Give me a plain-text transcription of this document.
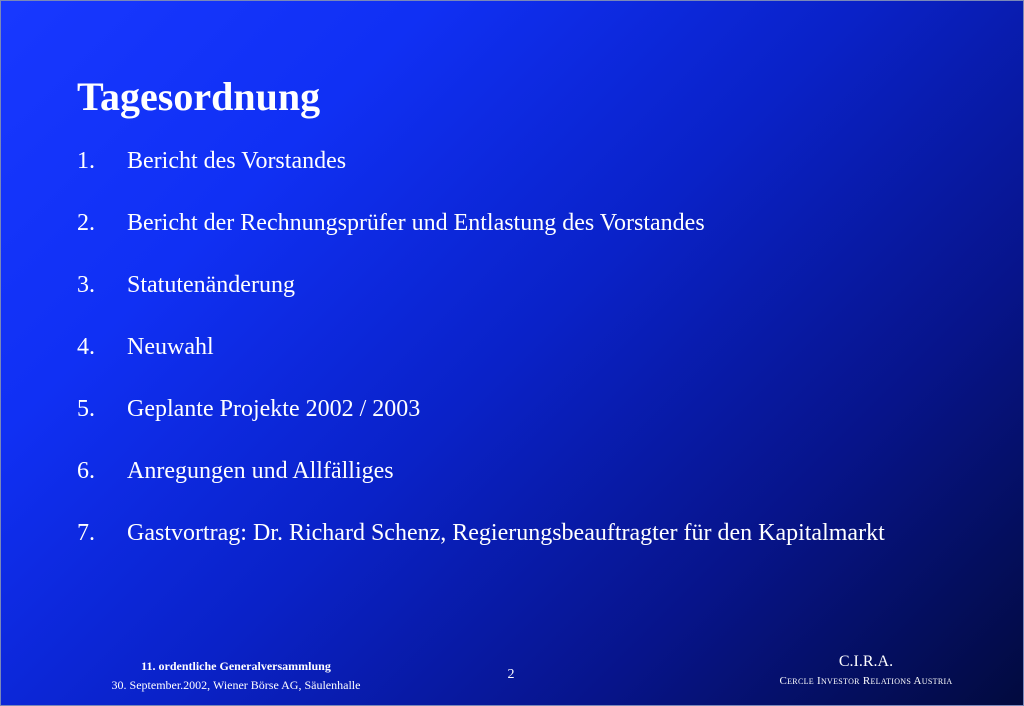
Tagesordnung
1.	Bericht des Vorstandes
2.	Bericht der Rechnungsprüfer und Entlastung des Vorstandes
3.	Statutenänderung
4.	Neuwahl
5.	Geplante Projekte 2002 / 2003
6.	Anregungen und Allfälliges
7.	Gastvortrag: Dr. Richard Schenz, Regierungsbeauftragter für den Kapitalmarkt
11. ordentliche Generalversammlung
30. September.2002, Wiener Börse AG, Säulenhalle
2
C.I.R.A.
Cercle Investor Relations Austria
